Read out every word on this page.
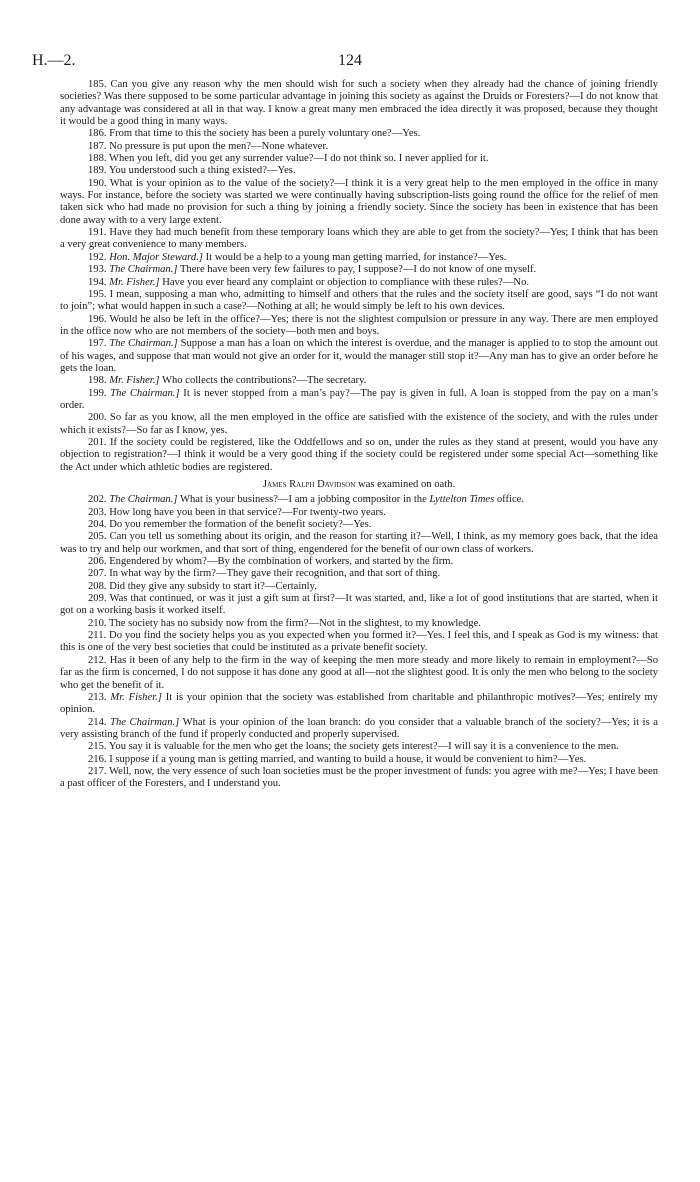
H.—2.	124

185. Can you give any reason why the men should wish for such a society when they already had the chance of joining friendly societies? Was there supposed to be some particular advantage in joining this society as against the Druids or Foresters?—I do not know that any advantage was considered at all in that way. I know a great many men embraced the idea directly it was proposed, because they thought it would be a good thing in many ways.

186. From that time to this the society has been a purely voluntary one?—Yes.

187. No pressure is put upon the men?—None whatever.

188. When you left, did you get any surrender value?—I do not think so. I never applied for it.

189. You understood such a thing existed?—Yes.

190. What is your opinion as to the value of the society?—I think it is a very great help to the men employed in the office in many ways. For instance, before the society was started we were continually having subscription-lists going round the office for the relief of men taken sick who had made no provision for such a thing by joining a friendly society. Since the society has been in existence that has been done away with to a very large extent.

191. Have they had much benefit from these temporary loans which they are able to get from the society?—Yes; I think that has been a very great convenience to many members.

192. Hon. Major Steward.] It would be a help to a young man getting married, for instance?—Yes.

193. The Chairman.] There have been very few failures to pay, I suppose?—I do not know of one myself.

194. Mr. Fisher.] Have you ever heard any complaint or objection to compliance with these rules?—No.

195. I mean, supposing a man who, admitting to himself and others that the rules and the society itself are good, says “I do not want to join”; what would happen in such a case?—Nothing at all; he would simply be left to his own devices.

196. Would he also be left in the office?—Yes; there is not the slightest compulsion or pressure in any way. There are men employed in the office now who are not members of the society—both men and boys.

197. The Chairman.] Suppose a man has a loan on which the interest is overdue, and the manager is applied to to stop the amount out of his wages, and suppose that man would not give an order for it, would the manager still stop it?—Any man has to give an order before he gets the loan.

198. Mr. Fisher.] Who collects the contributions?—The secretary.

199. The Chairman.] It is never stopped from a man’s pay?—The pay is given in full. A loan is stopped from the pay on a man’s order.

200. So far as you know, all the men employed in the office are satisfied with the existence of the society, and with the rules under which it exists?—So far as I know, yes.

201. If the society could be registered, like the Oddfellows and so on, under the rules as they stand at present, would you have any objection to registration?—I think it would be a very good thing if the society could be registered under some special Act—something like the Act under which athletic bodies are registered.

James Ralph Davidson was examined on oath.

202. The Chairman.] What is your business?—I am a jobbing compositor in the Lyttelton Times office.

203. How long have you been in that service?—For twenty-two years.

204. Do you remember the formation of the benefit society?—Yes.

205. Can you tell us something about its origin, and the reason for starting it?—Well, I think, as my memory goes back, that the idea was to try and help our workmen, and that sort of thing, engendered for the benefit of our own class of workers.

206. Engendered by whom?—By the combination of workers, and started by the firm.

207. In what way by the firm?—They gave their recognition, and that sort of thing.

208. Did they give any subsidy to start it?—Certainly.

209. Was that continued, or was it just a gift sum at first?—It was started, and, like a lot of good institutions that are started, when it got on a working basis it worked itself.

210. The society has no subsidy now from the firm?—Not in the slightest, to my knowledge.

211. Do you find the society helps you as you expected when you formed it?—Yes. I feel this, and I speak as God is my witness: that this is one of the very best societies that could be instituted as a private benefit society.

212. Has it been of any help to the firm in the way of keeping the men more steady and more likely to remain in employment?—So far as the firm is concerned, I do not suppose it has done any good at all—not the slightest good. It is only the men who belong to the society who get the benefit of it.

213. Mr. Fisher.] It is your opinion that the society was established from charitable and philanthropic motives?—Yes; entirely my opinion.

214. The Chairman.] What is your opinion of the loan branch: do you consider that a valuable branch of the society?—Yes; it is a very assisting branch of the fund if properly conducted and properly supervised.

215. You say it is valuable for the men who get the loans; the society gets interest?—I will say it is a convenience to the men.

216. I suppose if a young man is getting married, and wanting to build a house, it would be convenient to him?—Yes.

217. Well, now, the very essence of such loan societies must be the proper investment of funds: you agree with me?—Yes; I have been a past officer of the Foresters, and I understand you.
